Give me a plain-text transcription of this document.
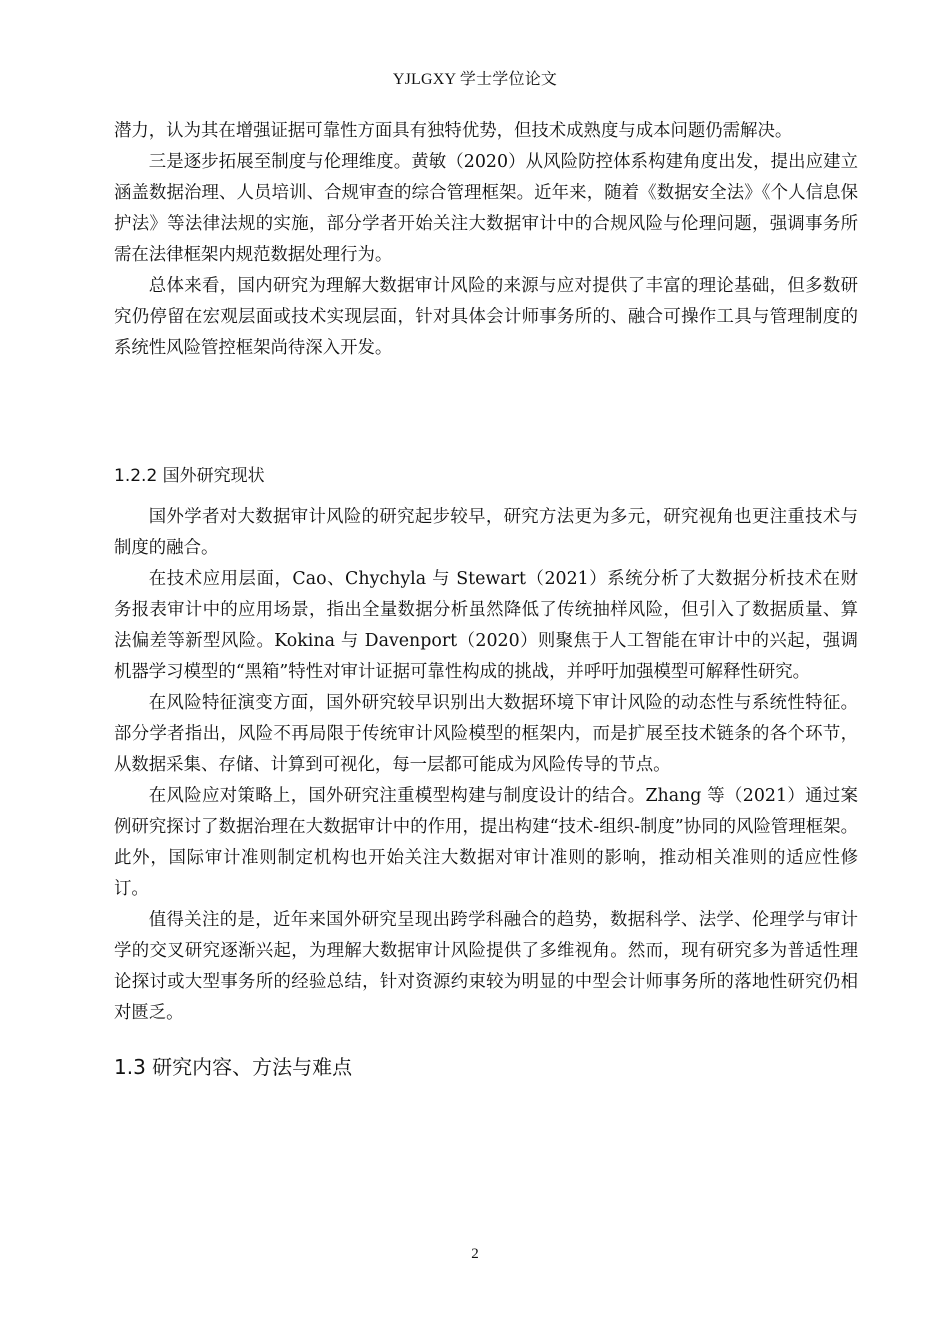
YJLGXY 学士学位论文

潜力，认为其在增强证据可靠性方面具有独特优势，但技术成熟度与成本问题仍需解决。

三是逐步拓展至制度与伦理维度。黄敏（2020）从风险防控体系构建角度出发，提出应建立涵盖数据治理、人员培训、合规审查的综合管理框架。近年来，随着《数据安全法》《个人信息保护法》等法律法规的实施，部分学者开始关注大数据审计中的合规风险与伦理问题，强调事务所需在法律框架内规范数据处理行为。

总体来看，国内研究为理解大数据审计风险的来源与应对提供了丰富的理论基础，但多数研究仍停留在宏观层面或技术实现层面，针对具体会计师事务所的、融合可操作工具与管理制度的系统性风险管控框架尚待深入开发。

1.2.2 国外研究现状

国外学者对大数据审计风险的研究起步较早，研究方法更为多元，研究视角也更注重技术与制度的融合。

在技术应用层面，Cao、Chychyla 与 Stewart（2021）系统分析了大数据分析技术在财务报表审计中的应用场景，指出全量数据分析虽然降低了传统抽样风险，但引入了数据质量、算法偏差等新型风险。Kokina 与 Davenport（2020）则聚焦于人工智能在审计中的兴起，强调机器学习模型的“黑箱”特性对审计证据可靠性构成的挑战，并呼吁加强模型可解释性研究。

在风险特征演变方面，国外研究较早识别出大数据环境下审计风险的动态性与系统性特征。部分学者指出，风险不再局限于传统审计风险模型的框架内，而是扩展至技术链条的各个环节，从数据采集、存储、计算到可视化，每一层都可能成为风险传导的节点。

在风险应对策略上，国外研究注重模型构建与制度设计的结合。Zhang 等（2021）通过案例研究探讨了数据治理在大数据审计中的作用，提出构建“技术-组织-制度”协同的风险管理框架。此外，国际审计准则制定机构也开始关注大数据对审计准则的影响，推动相关准则的适应性修订。

值得关注的是，近年来国外研究呈现出跨学科融合的趋势，数据科学、法学、伦理学与审计学的交叉研究逐渐兴起，为理解大数据审计风险提供了多维视角。然而，现有研究多为普适性理论探讨或大型事务所的经验总结，针对资源约束较为明显的中型会计师事务所的落地性研究仍相对匮乏。

1.3 研究内容、方法与难点
2
